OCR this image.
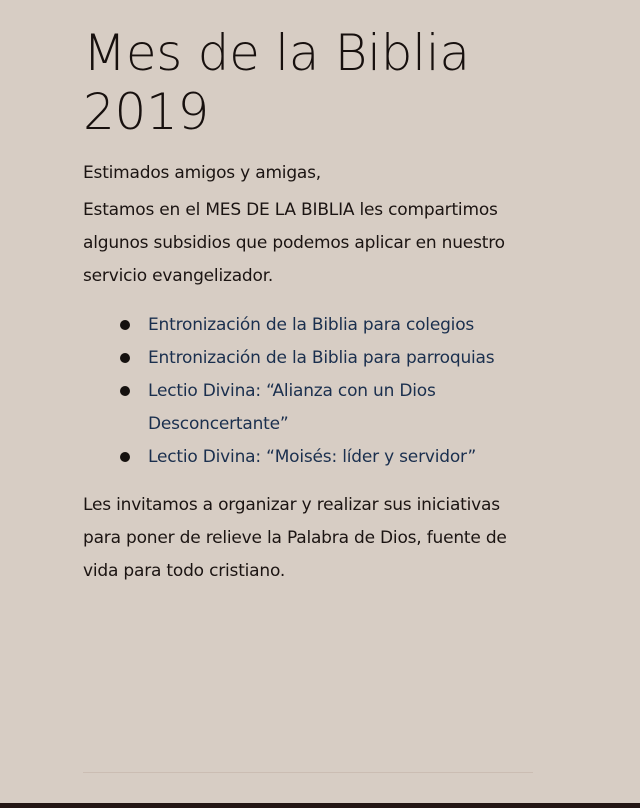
Mes de la Biblia 2019

Estimados amigos y amigas,

Estamos en el MES DE LA BIBLIA les compartimos algunos subsidios que podemos aplicar en nuestro servicio evangelizador.

Entronización de la Biblia para colegios
Entronización de la Biblia para parroquias
Lectio Divina: “Alianza con un Dios Desconcertante”
Lectio Divina: “Moisés: líder y servidor”

Les invitamos a organizar y realizar sus iniciativas para poner de relieve la Palabra de Dios, fuente de vida para todo cristiano.
